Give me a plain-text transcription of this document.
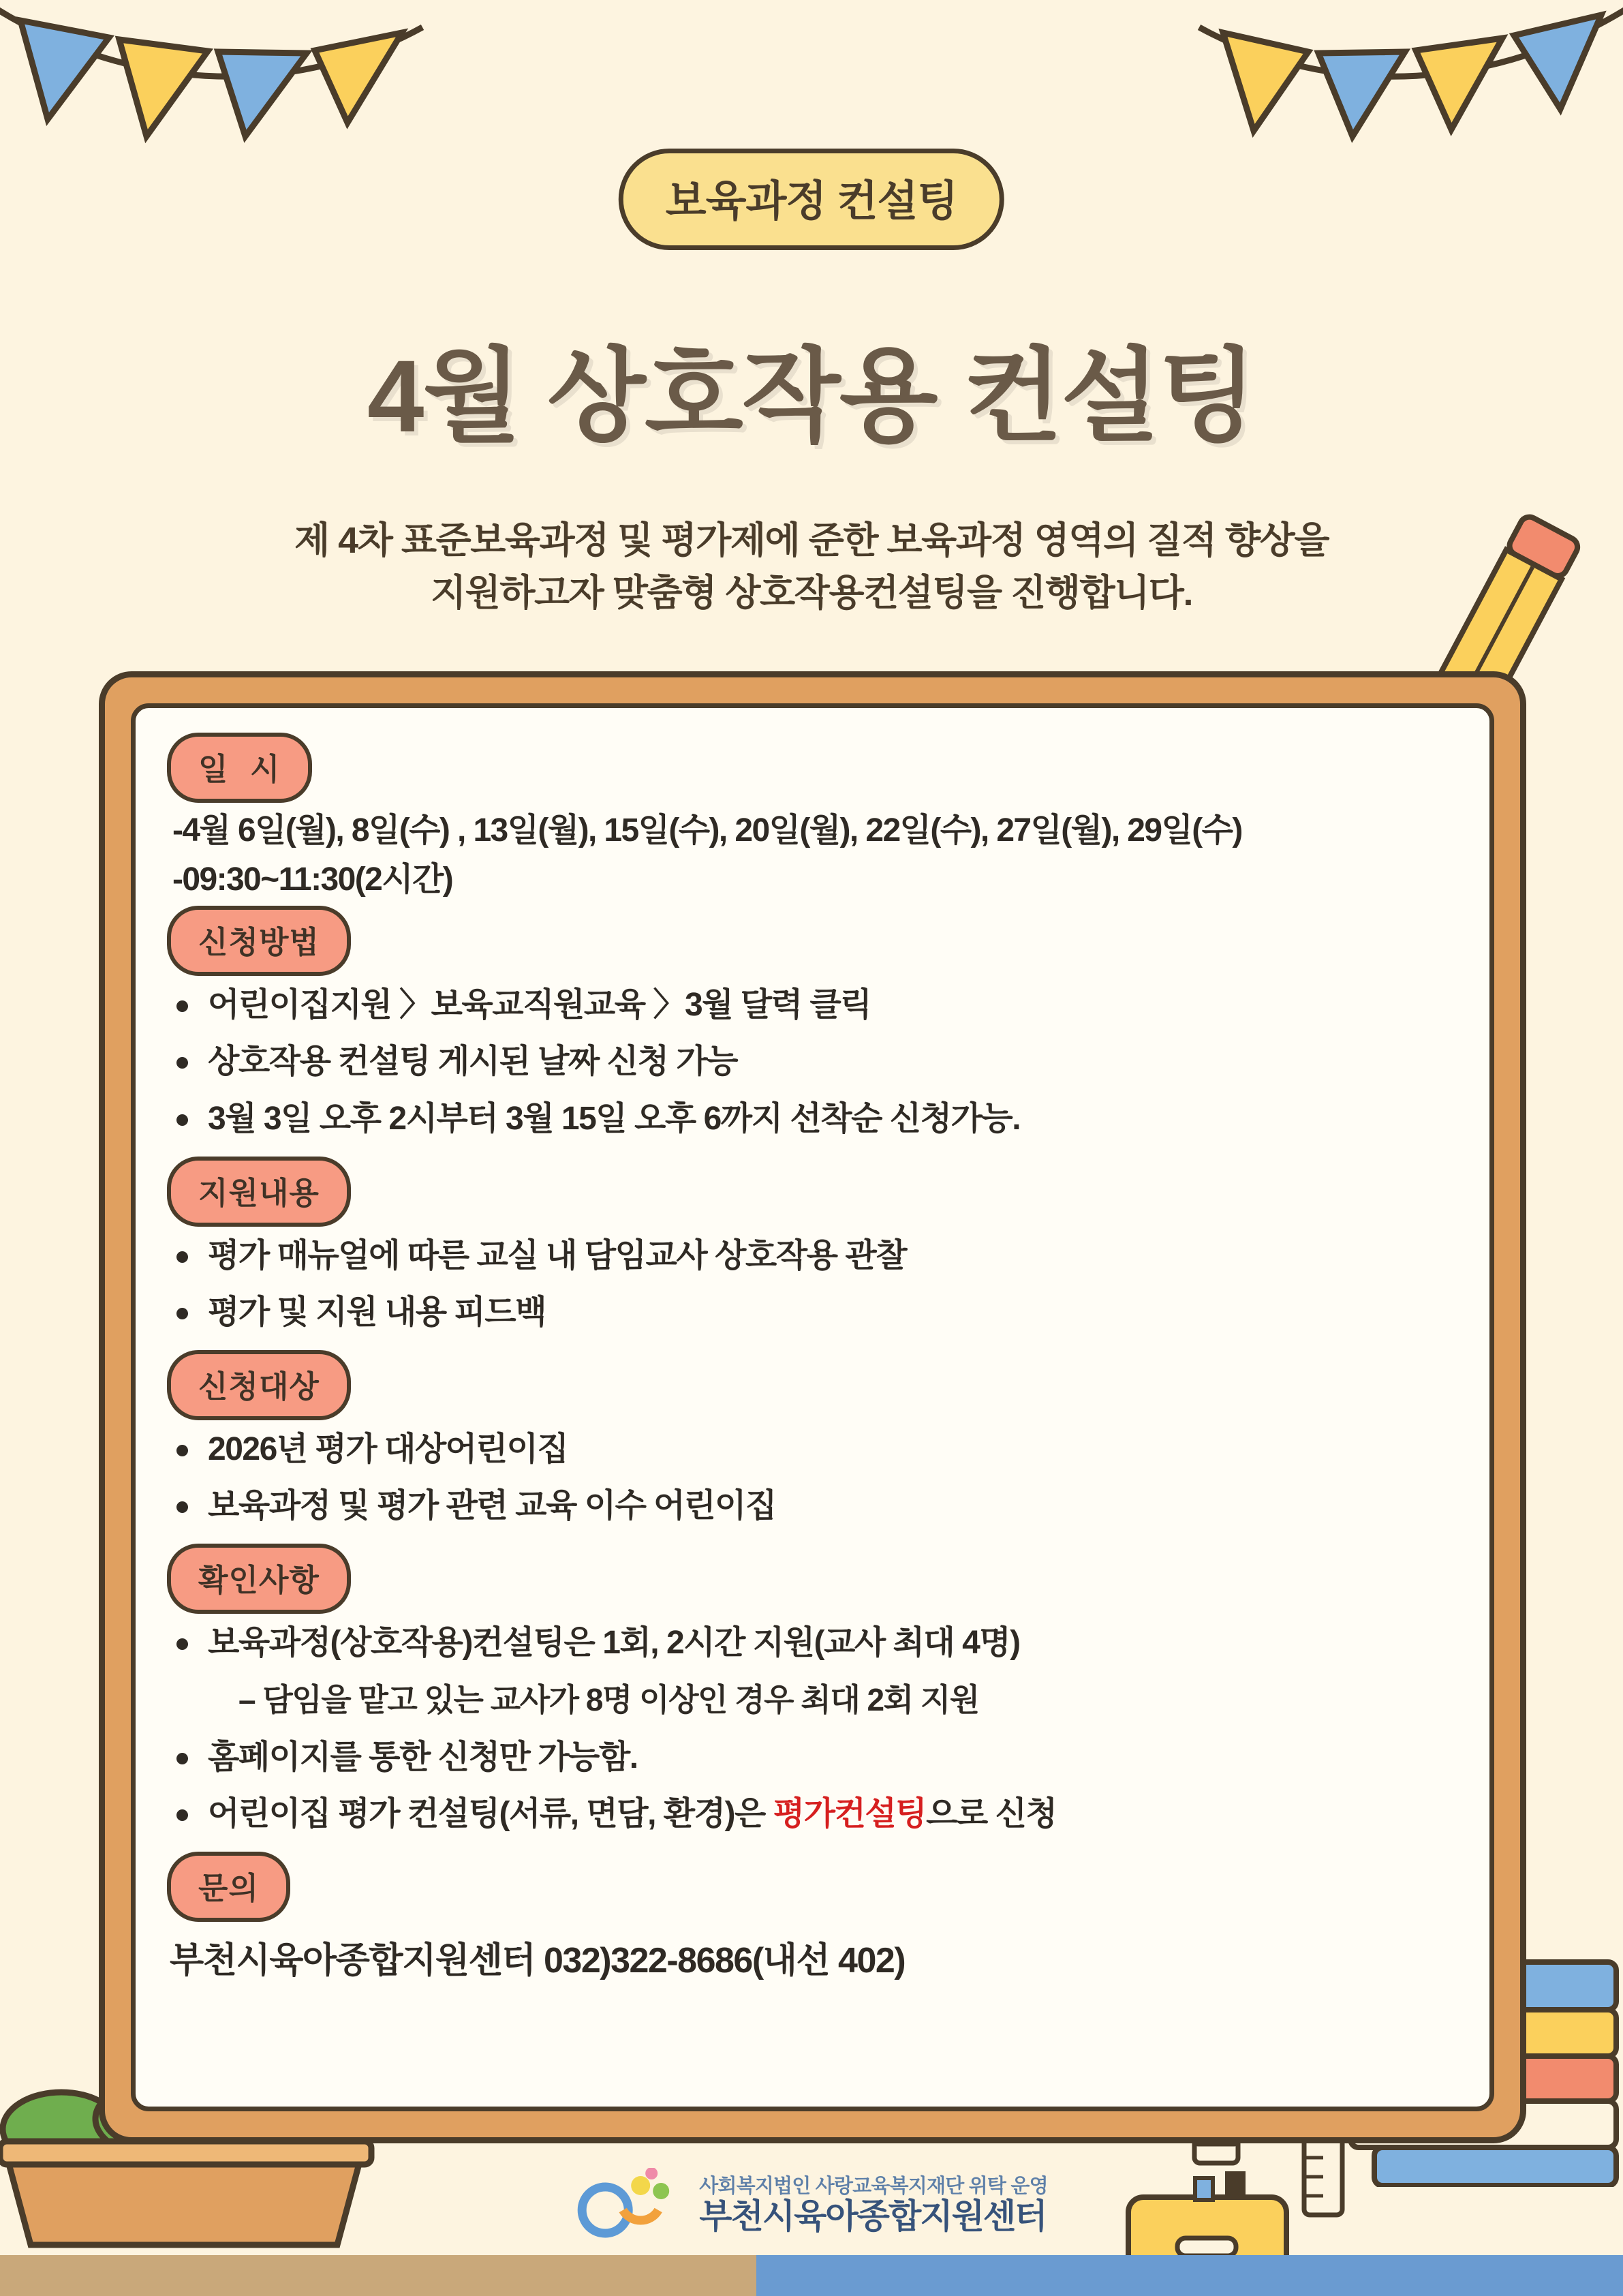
보육과정 컨설팅
4월 상호작용 컨설팅
제 4차 표준보육과정 및 평가제에 준한 보육과정 영역의 질적 향상을
지원하고자 맞춤형 상호작용컨설팅을 진행합니다.
일 시
-4월 6일(월), 8일(수) , 13일(월), 15일(수), 20일(월), 22일(수), 27일(월), 29일(수)
-09:30~11:30(2시간)
신청방법
어린이집지원 〉보육교직원교육 〉3월 달력 클릭
상호작용 컨설팅 게시된 날짜 신청 가능
3월 3일 오후 2시부터 3월 15일 오후 6까지 선착순 신청가능.
지원내용
평가 매뉴얼에 따른 교실 내 담임교사 상호작용 관찰
평가 및 지원 내용 피드백
신청대상
2026년 평가 대상어린이집
보육과정 및 평가 관련 교육 이수 어린이집
확인사항
보육과정(상호작용)컨설팅은 1회, 2시간 지원(교사 최대 4명)
– 담임을 맡고 있는 교사가 8명 이상인 경우 최대 2회 지원
홈페이지를 통한 신청만 가능함.
어린이집 평가 컨설팅(서류, 면담, 환경)은 평가컨설팅으로 신청
문의
부천시육아종합지원센터 032)322-8686(내선 402)
사회복지법인 사랑교육복지재단 위탁 운영
부천시육아종합지원센터
